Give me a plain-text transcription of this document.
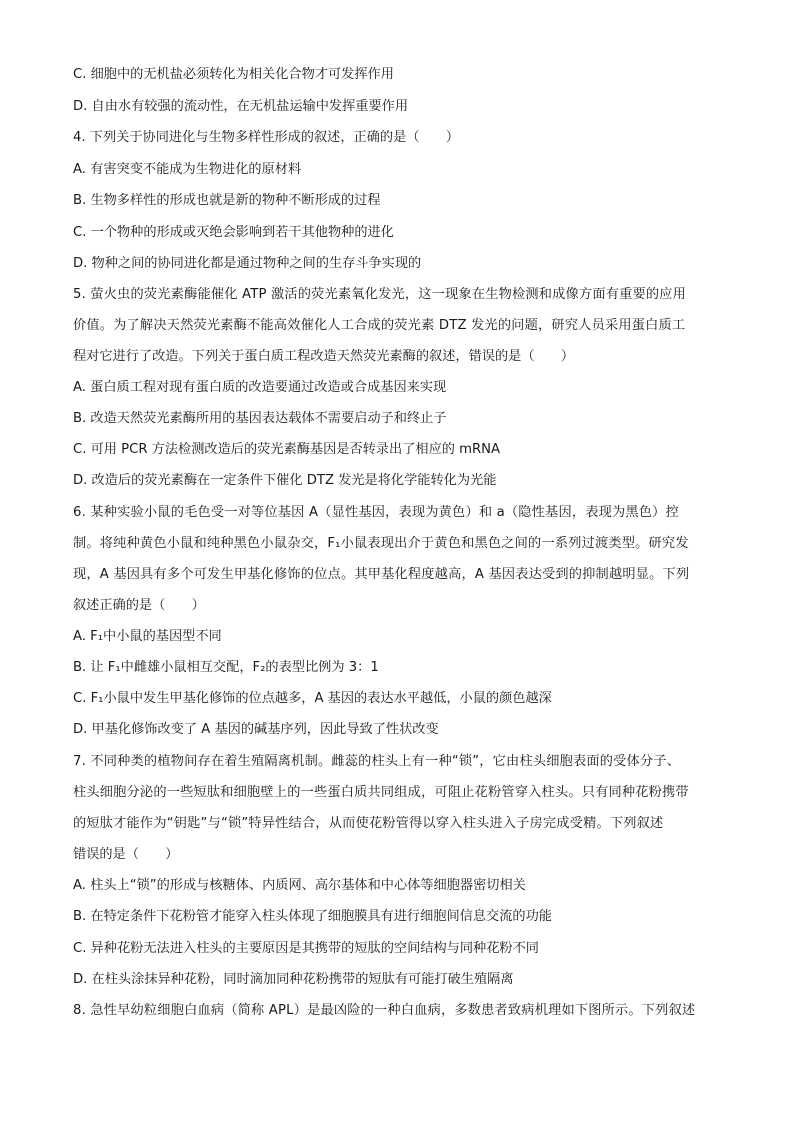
C. 细胞中的无机盐必须转化为相关化合物才可发挥作用
D. 自由水有较强的流动性，在无机盐运输中发挥重要作用
4. 下列关于协同进化与生物多样性形成的叙述，正确的是（　　）
A. 有害突变不能成为生物进化的原材料
B. 生物多样性的形成也就是新的物种不断形成的过程
C. 一个物种的形成或灭绝会影响到若干其他物种的进化
D. 物种之间的协同进化都是通过物种之间的生存斗争实现的
5. 萤火虫的荧光素酶能催化 ATP 激活的荧光素氧化发光，这一现象在生物检测和成像方面有重要的应用
价值。为了解决天然荧光素酶不能高效催化人工合成的荧光素 DTZ 发光的问题，研究人员采用蛋白质工
程对它进行了改造。下列关于蛋白质工程改造天然荧光素酶的叙述，错误的是（　　）
A. 蛋白质工程对现有蛋白质的改造要通过改造或合成基因来实现
B. 改造天然荧光素酶所用的基因表达载体不需要启动子和终止子
C. 可用 PCR 方法检测改造后的荧光素酶基因是否转录出了相应的 mRNA
D. 改造后的荧光素酶在一定条件下催化 DTZ 发光是将化学能转化为光能
6. 某种实验小鼠的毛色受一对等位基因 A（显性基因，表现为黄色）和 a（隐性基因，表现为黑色）控
制。将纯种黄色小鼠和纯种黑色小鼠杂交，F₁小鼠表现出介于黄色和黑色之间的一系列过渡类型。研究发
现，A 基因具有多个可发生甲基化修饰的位点。其甲基化程度越高，A 基因表达受到的抑制越明显。下列
叙述正确的是（　　）
A. F₁中小鼠的基因型不同
B. 让 F₁中雌雄小鼠相互交配，F₂的表型比例为 3：1
C. F₁小鼠中发生甲基化修饰的位点越多，A 基因的表达水平越低，小鼠的颜色越深
D. 甲基化修饰改变了 A 基因的碱基序列，因此导致了性状改变
7. 不同种类的植物间存在着生殖隔离机制。雌蕊的柱头上有一种“锁”，它由柱头细胞表面的受体分子、
柱头细胞分泌的一些短肽和细胞壁上的一些蛋白质共同组成，可阻止花粉管穿入柱头。只有同种花粉携带
的短肽才能作为“钥匙”与“锁”特异性结合，从而使花粉管得以穿入柱头进入子房完成受精。下列叙述
错误的是（　　）
A. 柱头上“锁”的形成与核糖体、内质网、高尔基体和中心体等细胞器密切相关
B. 在特定条件下花粉管才能穿入柱头体现了细胞膜具有进行细胞间信息交流的功能
C. 异种花粉无法进入柱头的主要原因是其携带的短肽的空间结构与同种花粉不同
D. 在柱头涂抹异种花粉，同时滴加同种花粉携带的短肽有可能打破生殖隔离
8. 急性早幼粒细胞白血病（简称 APL）是最凶险的一种白血病，多数患者致病机理如下图所示。下列叙述
